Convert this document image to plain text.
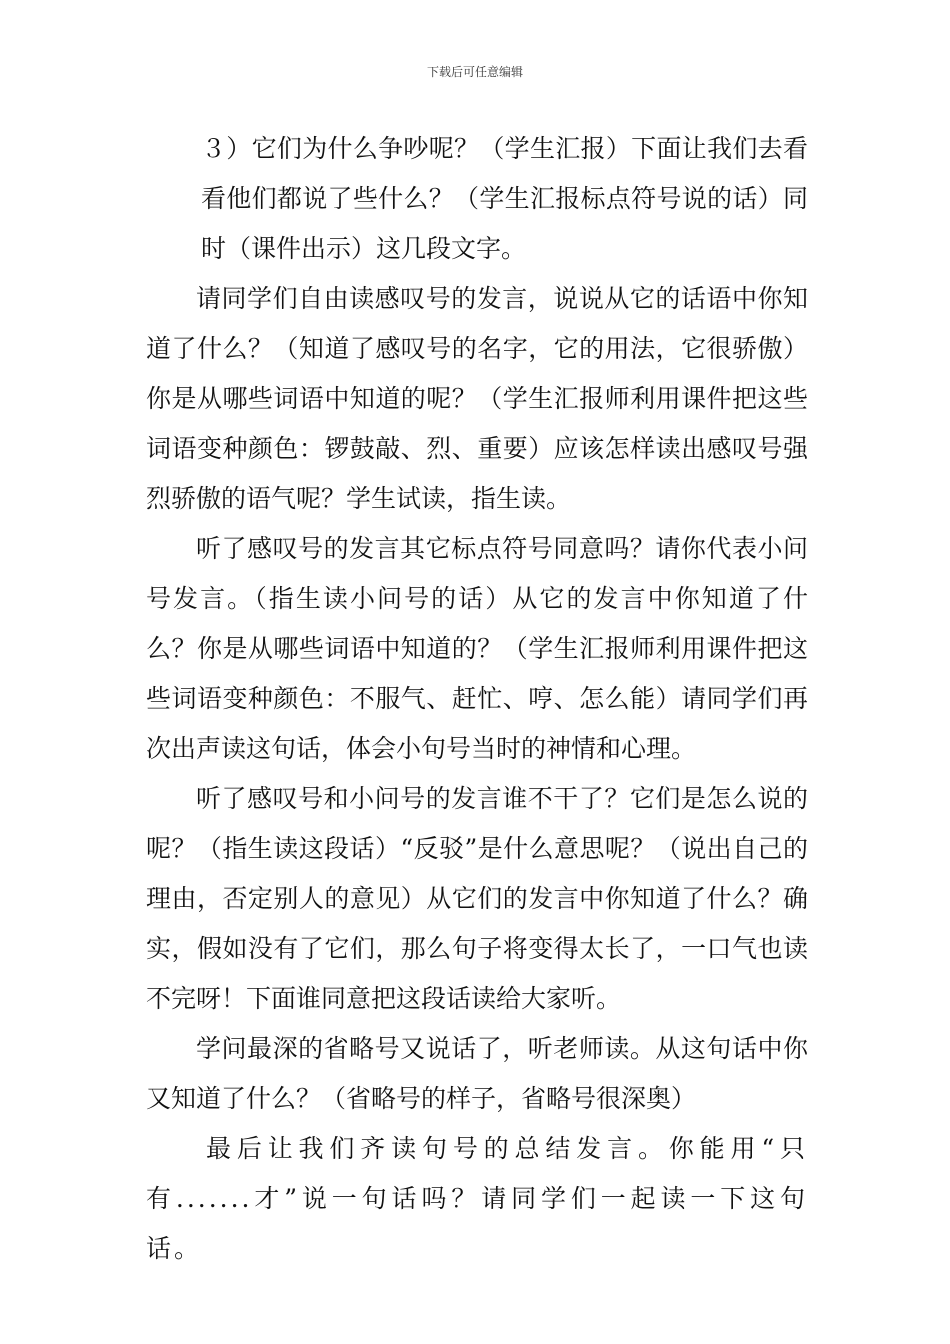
下载后可任意编辑

３）它们为什么争吵呢？（学生汇报）下面让我们去看看他们都说了些什么？（学生汇报标点符号说的话）同时（课件出示）这几段文字。

请同学们自由读感叹号的发言，说说从它的话语中你知道了什么？（知道了感叹号的名字，它的用法，它很骄傲）你是从哪些词语中知道的呢？（学生汇报师利用课件把这些词语变种颜色：锣鼓敲、烈、重要）应该怎样读出感叹号强烈骄傲的语气呢？学生试读，指生读。

听了感叹号的发言其它标点符号同意吗？请你代表小问号发言。（指生读小问号的话）从它的发言中你知道了什么？你是从哪些词语中知道的？（学生汇报师利用课件把这些词语变种颜色：不服气、赶忙、哼、怎么能）请同学们再次出声读这句话，体会小句号当时的神情和心理。

听了感叹号和小问号的发言谁不干了？它们是怎么说的呢？（指生读这段话）“反驳”是什么意思呢？（说出自己的理由，否定别人的意见）从它们的发言中你知道了什么？确实，假如没有了它们，那么句子将变得太长了，一口气也读不完呀！下面谁同意把这段话读给大家听。

学问最深的省略号又说话了，听老师读。从这句话中你又知道了什么？（省略号的样子，省略号很深奥）

最后让我们齐读句号的总结发言。你能用“只有.......才”说一句话吗？请同学们一起读一下这句话。
